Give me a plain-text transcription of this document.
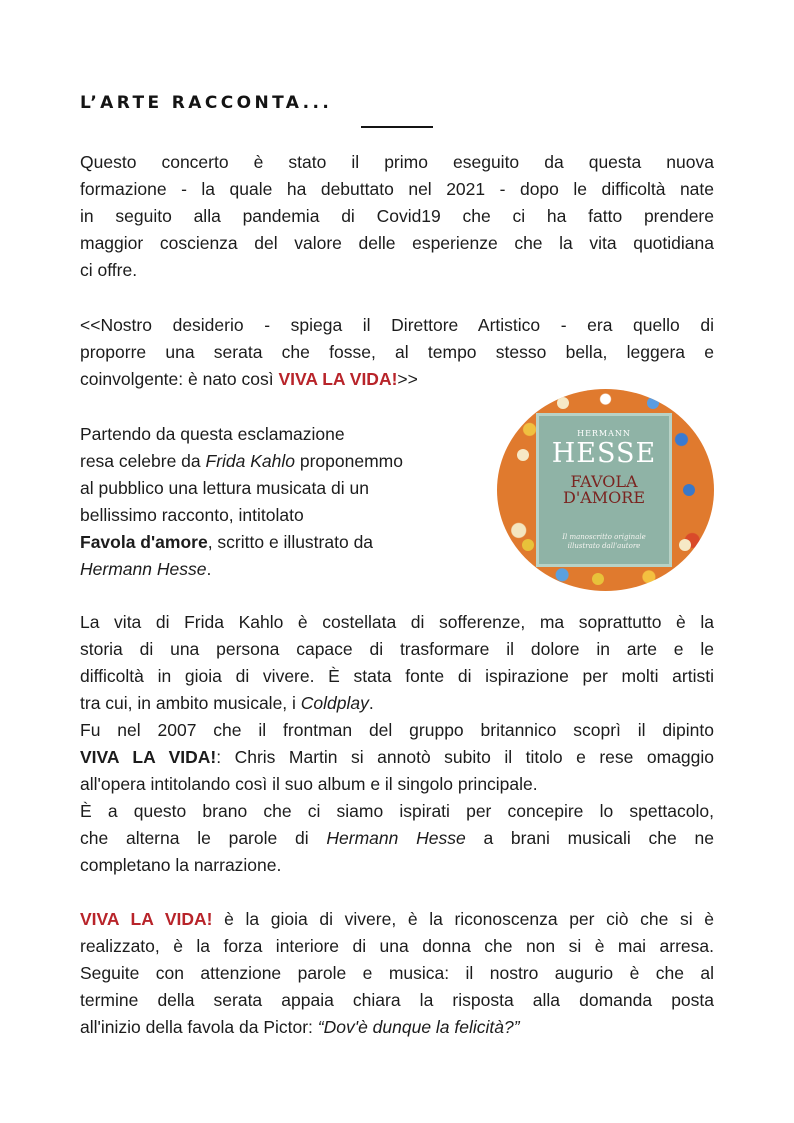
L’ARTE RACCONTA...

Questo concerto è stato il primo eseguito da questa nuova
formazione - la quale ha debuttato nel 2021 - dopo le difficoltà nate
in seguito alla pandemia di Covid19 che ci ha fatto prendere
maggior coscienza del valore delle esperienze che la vita quotidiana
ci offre.

<<Nostro desiderio - spiega il Direttore Artistico - era quello di
proporre una serata che fosse, al tempo stesso bella, leggera e
coinvolgente: è nato così VIVA LA VIDA!>>

Partendo da questa esclamazione
resa celebre da Frida Kahlo proponemmo
al pubblico una lettura musicata di un
bellissimo racconto, intitolato
Favola d'amore, scritto e illustrato da
Hermann Hesse.

HERMANN
HESSE
FAVOLA
D'AMORE
Il manoscritto originale
illustrato dall'autore

La vita di Frida Kahlo è costellata di sofferenze, ma soprattutto è la
storia di una persona capace di trasformare il dolore in arte e le
difficoltà in gioia di vivere. È stata fonte di ispirazione per molti artisti
tra cui, in ambito musicale, i Coldplay.
Fu nel 2007 che il frontman del gruppo britannico scoprì il dipinto
VIVA LA VIDA!: Chris Martin si annotò subito il titolo e rese omaggio
all'opera intitolando così il suo album e il singolo principale.
È a questo brano che ci siamo ispirati per concepire lo spettacolo,
che alterna le parole di Hermann Hesse a brani musicali che ne
completano la narrazione.

VIVA LA VIDA! è la gioia di vivere, è la riconoscenza per ciò che si è
realizzato, è la forza interiore di una donna che non si è mai arresa.
Seguite con attenzione parole e musica: il nostro augurio è che al
termine della serata appaia chiara la risposta alla domanda posta
all'inizio della favola da Pictor: “Dov'è dunque la felicità?”
